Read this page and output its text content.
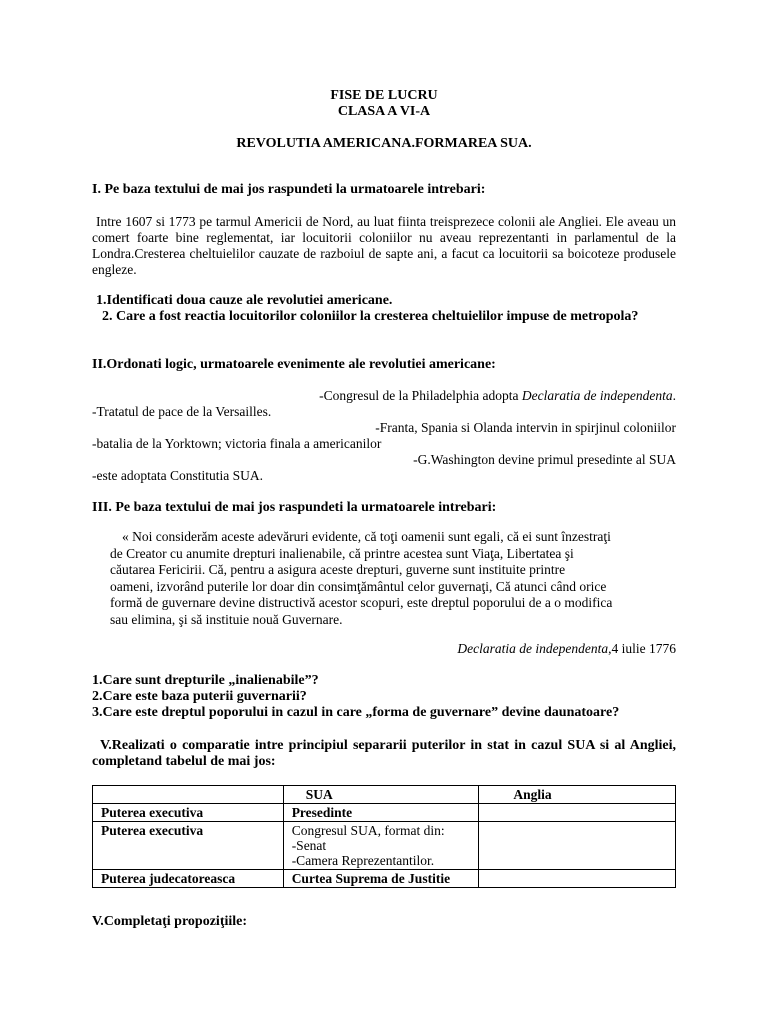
FISE DE LUCRU
CLASA A VI-A
REVOLUTIA AMERICANA.FORMAREA SUA.
I. Pe baza textului de mai jos raspundeti la urmatoarele intrebari:
Intre 1607 si 1773 pe tarmul Americii de Nord, au luat fiinta treisprezece colonii ale Angliei. Ele aveau un comert foarte bine reglementat, iar locuitorii coloniilor nu aveau reprezentanti in parlamentul de la Londra.Cresterea cheltuielilor cauzate de razboiul de sapte ani, a facut ca locuitorii sa boicoteze produsele engleze.
1.Identificati doua cauze ale revolutiei americane.
2. Care a fost reactia locuitorilor coloniilor la cresterea cheltuielilor impuse de metropola?
II.Ordonati logic, urmatoarele evenimente ale revolutiei americane:
-Congresul de la Philadelphia adopta Declaratia de independenta.
-Tratatul de pace de la Versailles.
-Franta, Spania si Olanda intervin in spirjinul coloniilor
-batalia de la Yorktown; victoria finala a americanilor
-G.Washington devine primul presedinte al SUA
-este adoptata Constitutia SUA.
III. Pe baza textului de mai jos raspundeti la urmatoarele intrebari:
« Noi considerăm aceste adevăruri evidente, că toţi oamenii sunt egali, că ei sunt înzestraţi
de Creator cu anumite drepturi inalienabile, că printre acestea sunt Viaţa, Libertatea şi
căutarea Fericirii. Că, pentru a asigura aceste drepturi, guverne sunt instituite printre
oameni, izvorând puterile lor doar din consimţământul celor guvernaţi, Că atunci când orice
formă de guvernare devine distructivă acestor scopuri, este dreptul poporului de a o modifica
sau elimina, şi să instituie nouă Guvernare.
Declaratia de independenta,4 iulie 1776
1.Care sunt drepturile „inalienabile”?
2.Care este baza puterii guvernarii?
3.Care este dreptul poporului in cazul in care „forma de guvernare” devine daunatoare?
V.Realizati o comparatie intre principiul separarii puterilor in stat in cazul SUA si al Angliei, completand tabelul de mai jos:
	SUA	Anglia
Puterea executiva	Presedinte	
Puterea executiva	Congresul SUA, format din:
-Senat
-Camera Reprezentantilor.	

Puterea judecatoreasca	Curtea Suprema de Justitie	
V.Completaţi propoziţiile:
